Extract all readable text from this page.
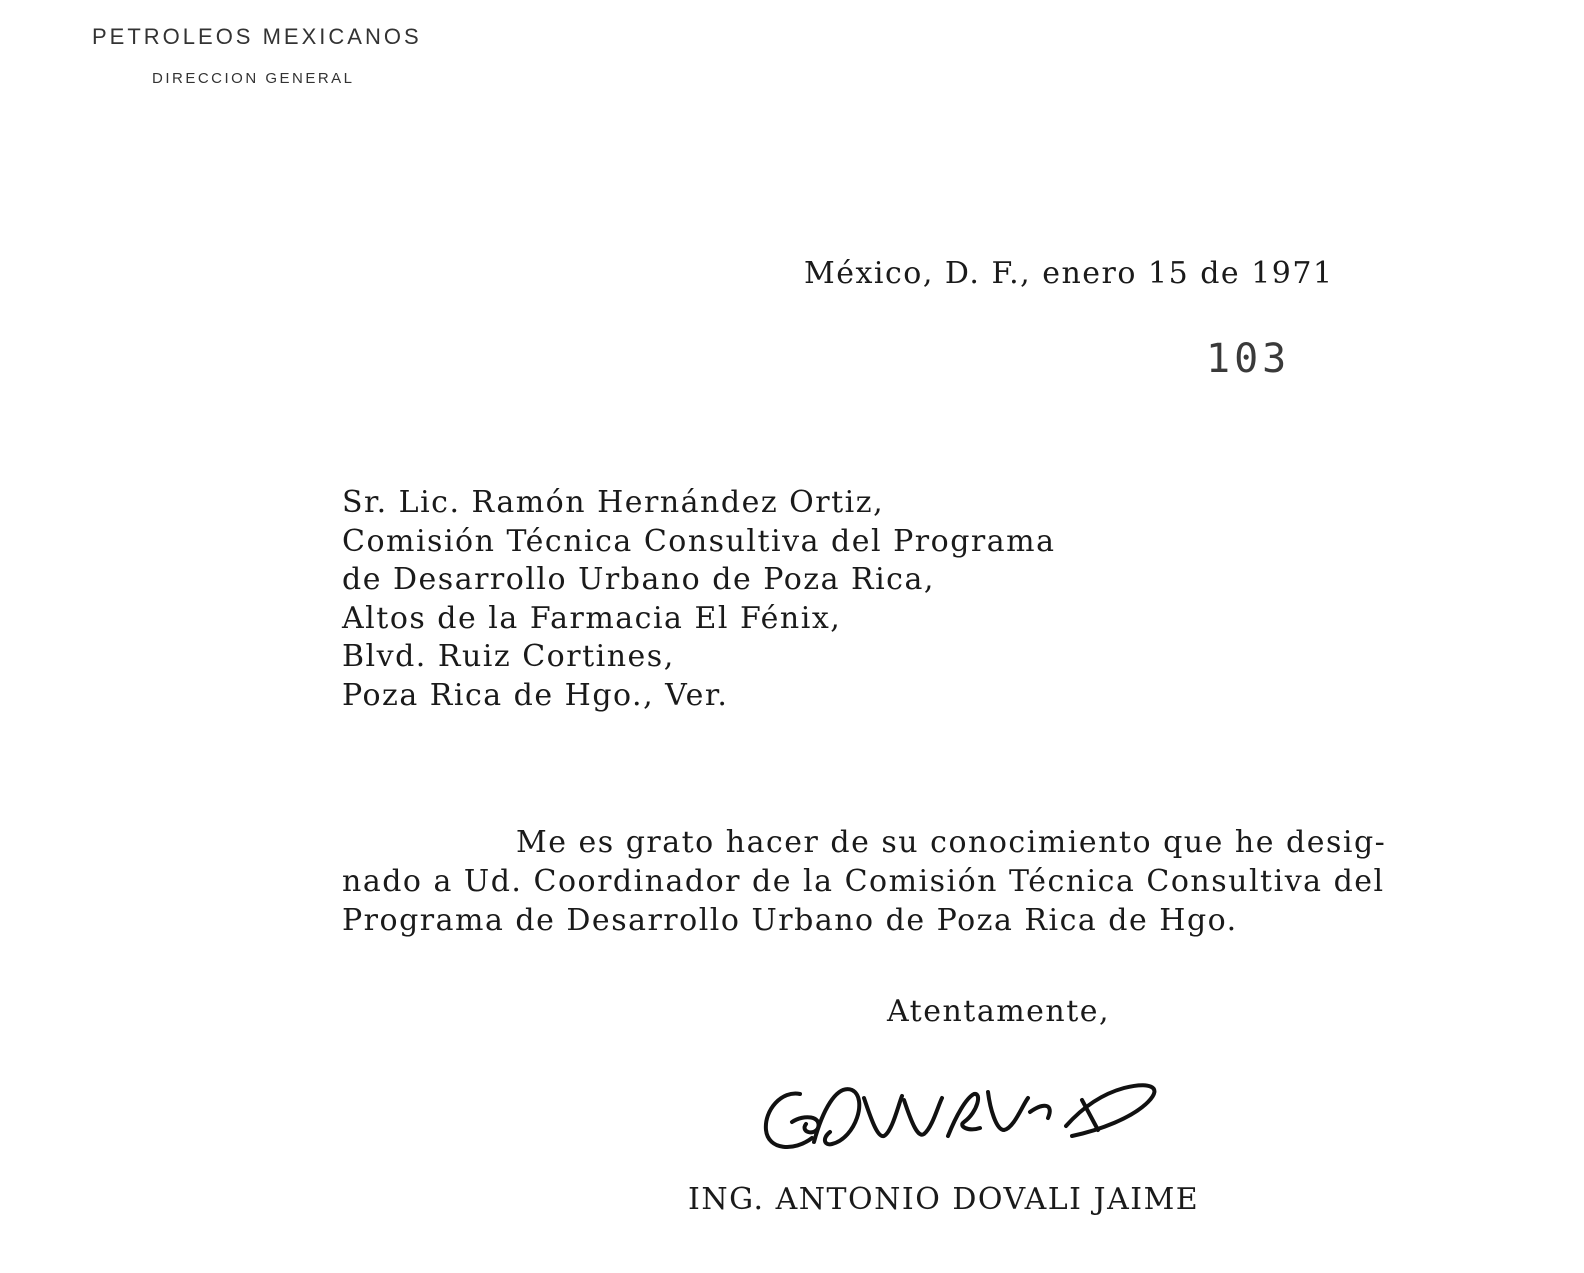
PETROLEOS MEXICANOS
DIRECCION GENERAL
México, D. F., enero 15 de 1971
103
Sr. Lic. Ramón Hernández Ortiz,
Comisión Técnica Consultiva del Programa
de Desarrollo Urbano de Poza Rica,
Altos de la Farmacia El Fénix,
Blvd. Ruiz Cortines,
Poza Rica de Hgo., Ver.
Me es grato hacer de su conocimiento que he desig-
nado a Ud. Coordinador de la Comisión Técnica Consultiva del
Programa de Desarrollo Urbano de Poza Rica de Hgo.
Atentamente,
ING. ANTONIO DOVALI JAIME
